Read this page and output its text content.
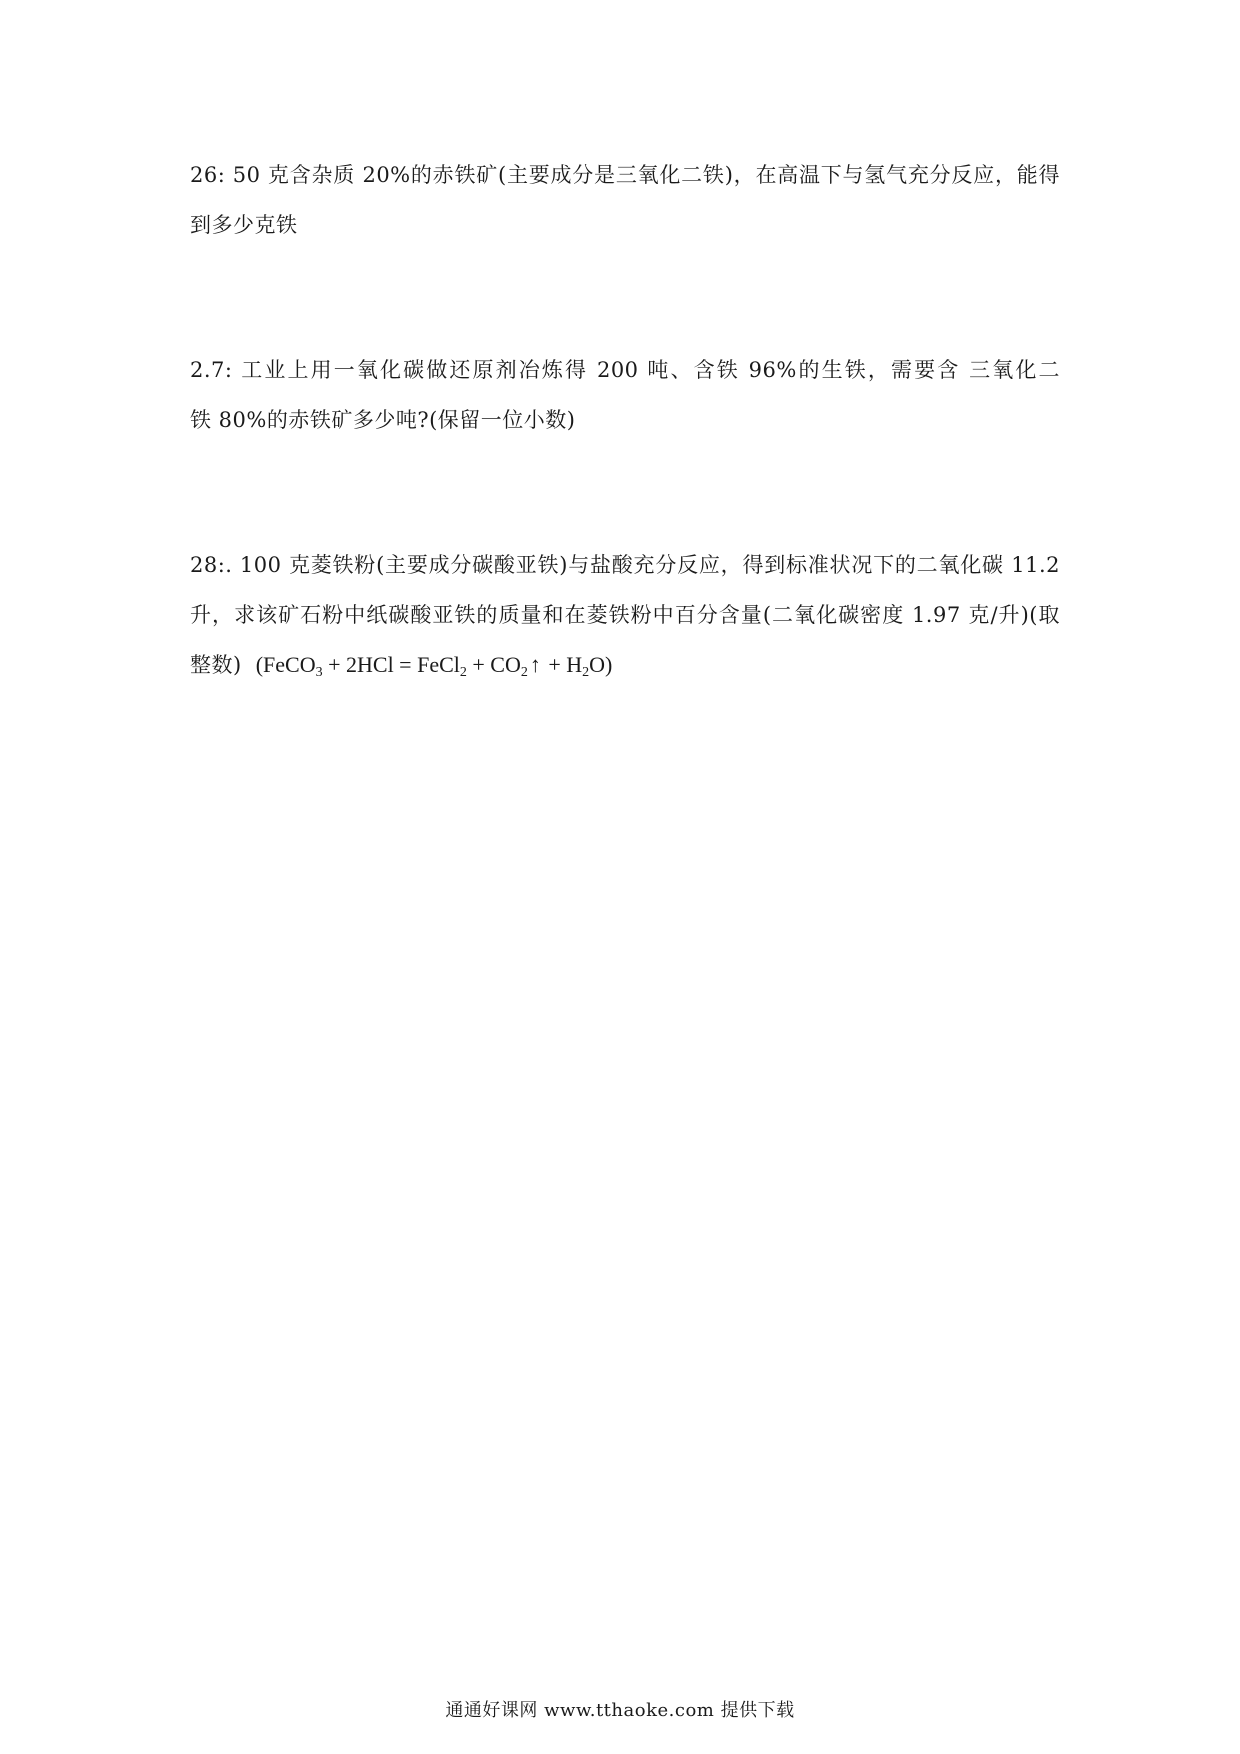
26: 50 克含杂质 20%的赤铁矿(主要成分是三氧化二铁)，在高温下与氢气充分反应，能得
到多少克铁
2.7: 工业上用一氧化碳做还原剂冶炼得 200 吨、含铁 96%的生铁，需要含 三氧化二
铁 80%的赤铁矿多少吨?(保留一位小数)
28:. 100 克菱铁粉(主要成分碳酸亚铁)与盐酸充分反应，得到标准状况下的二氧化碳 11.2
升，求该矿石粉中纸碳酸亚铁的质量和在菱铁粉中百分含量(二氧化碳密度 1.97 克/升)(取
整数) (FeCO$_3$ + 2HCl = FeCl$_2$ + $CO_2↑ + H_2O$)
通通好课网 www.tthaoke.com 提供下载
